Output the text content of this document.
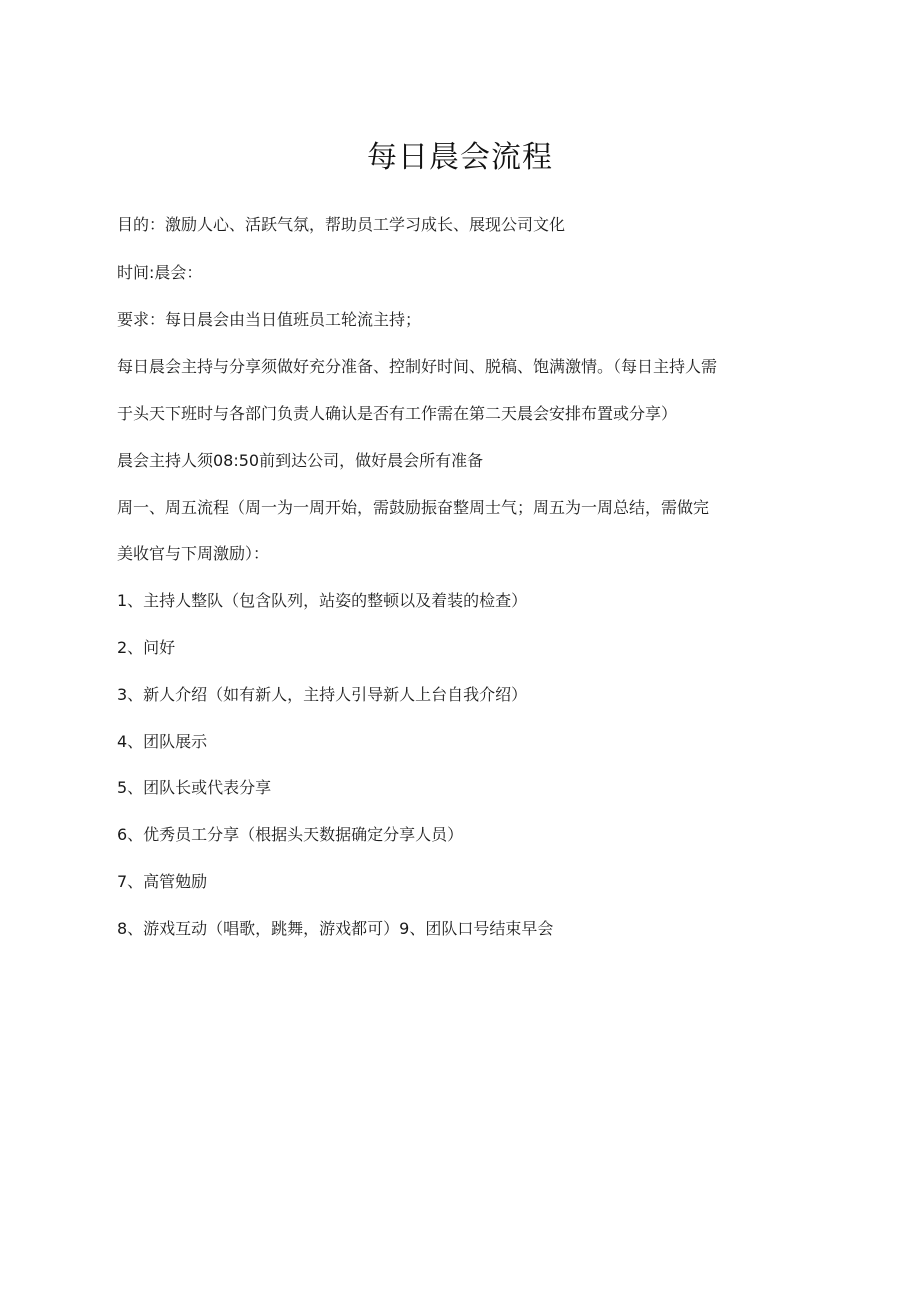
每日晨会流程
目的：激励人心、活跃气氛，帮助员工学习成长、展现公司文化
时间:晨会：
要求：每日晨会由当日值班员工轮流主持；
每日晨会主持与分享须做好充分准备、控制好时间、脱稿、饱满激情。（每日主持人需
于头天下班时与各部门负责人确认是否有工作需在第二天晨会安排布置或分享）
晨会主持人须08:50前到达公司，做好晨会所有准备
周一、周五流程（周一为一周开始，需鼓励振奋整周士气；周五为一周总结，需做完
美收官与下周激励）：
1、主持人整队（包含队列，站姿的整顿以及着装的检查）
2、问好
3、新人介绍（如有新人，主持人引导新人上台自我介绍）
4、团队展示
5、团队长或代表分享
6、优秀员工分享（根据头天数据确定分享人员）
7、高管勉励
8、游戏互动（唱歌，跳舞，游戏都可）9、团队口号结束早会
